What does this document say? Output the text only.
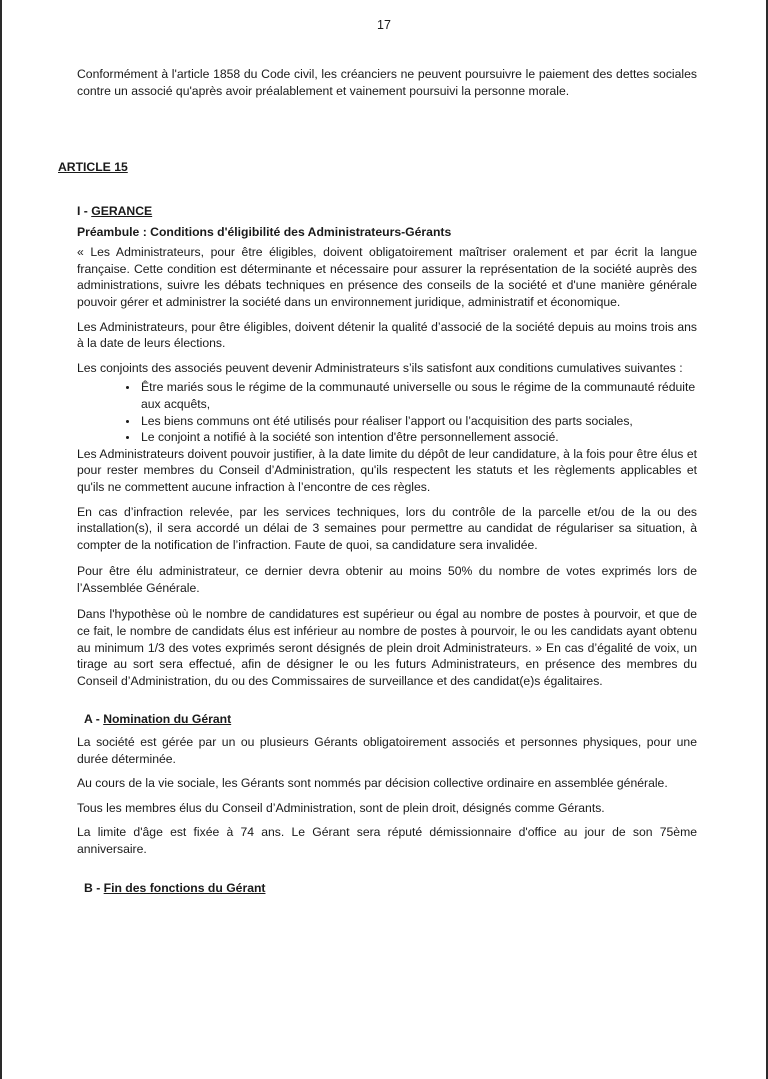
17

Conformément à l'article 1858 du Code civil, les créanciers ne peuvent poursuivre le paiement des dettes sociales contre un associé qu'après avoir préalablement et vainement poursuivi la personne morale.

ARTICLE 15
I - GERANCE
Préambule : Conditions d'éligibilité des Administrateurs-Gérants

« Les Administrateurs, pour être éligibles, doivent obligatoirement maîtriser oralement et par écrit la langue française. Cette condition est déterminante et nécessaire pour assurer la représentation de la société auprès des administrations, suivre les débats techniques en présence des conseils de la société et d'une manière générale pouvoir gérer et administrer la société dans un environnement juridique, administratif et économique.

Les Administrateurs, pour être éligibles, doivent détenir la qualité d’associé de la société depuis au moins trois ans à la date de leurs élections.

Les conjoints des associés peuvent devenir Administrateurs s’ils satisfont aux conditions cumulatives suivantes :

• Être mariés sous le régime de la communauté universelle ou sous le régime de la communauté réduite aux acquêts,
• Les biens communs ont été utilisés pour réaliser l’apport ou l’acquisition des parts sociales,
• Le conjoint a notifié à la société son intention d'être personnellement associé.

Les Administrateurs doivent pouvoir justifier, à la date limite du dépôt de leur candidature, à la fois pour être élus et pour rester membres du Conseil d’Administration, qu'ils respectent les statuts et les règlements applicables et qu'ils ne commettent aucune infraction à l’encontre de ces règles.

En cas d’infraction relevée, par les services techniques, lors du contrôle de la parcelle et/ou de la ou des installation(s), il sera accordé un délai de 3 semaines pour permettre au candidat de régulariser sa situation, à compter de la notification de l’infraction. Faute de quoi, sa candidature sera invalidée.

Pour être élu administrateur, ce dernier devra obtenir au moins 50% du nombre de votes exprimés lors de l’Assemblée Générale.

Dans l'hypothèse où le nombre de candidatures est supérieur ou égal au nombre de postes à pourvoir, et que de ce fait, le nombre de candidats élus est inférieur au nombre de postes à pourvoir, le ou les candidats ayant obtenu au minimum 1/3 des votes exprimés seront désignés de plein droit Administrateurs. » En cas d’égalité de voix, un tirage au sort sera effectué, afin de désigner le ou les futurs Administrateurs, en présence des membres du Conseil d’Administration, du ou des Commissaires de surveillance et des candidat(e)s égalitaires.

A - Nomination du Gérant

La société est gérée par un ou plusieurs Gérants obligatoirement associés et personnes physiques, pour une durée déterminée.

Au cours de la vie sociale, les Gérants sont nommés par décision collective ordinaire en assemblée générale.

Tous les membres élus du Conseil d’Administration, sont de plein droit, désignés comme Gérants.

La limite d'âge est fixée à 74 ans. Le Gérant sera réputé démissionnaire d'office au jour de son 75ème anniversaire.

B - Fin des fonctions du Gérant
